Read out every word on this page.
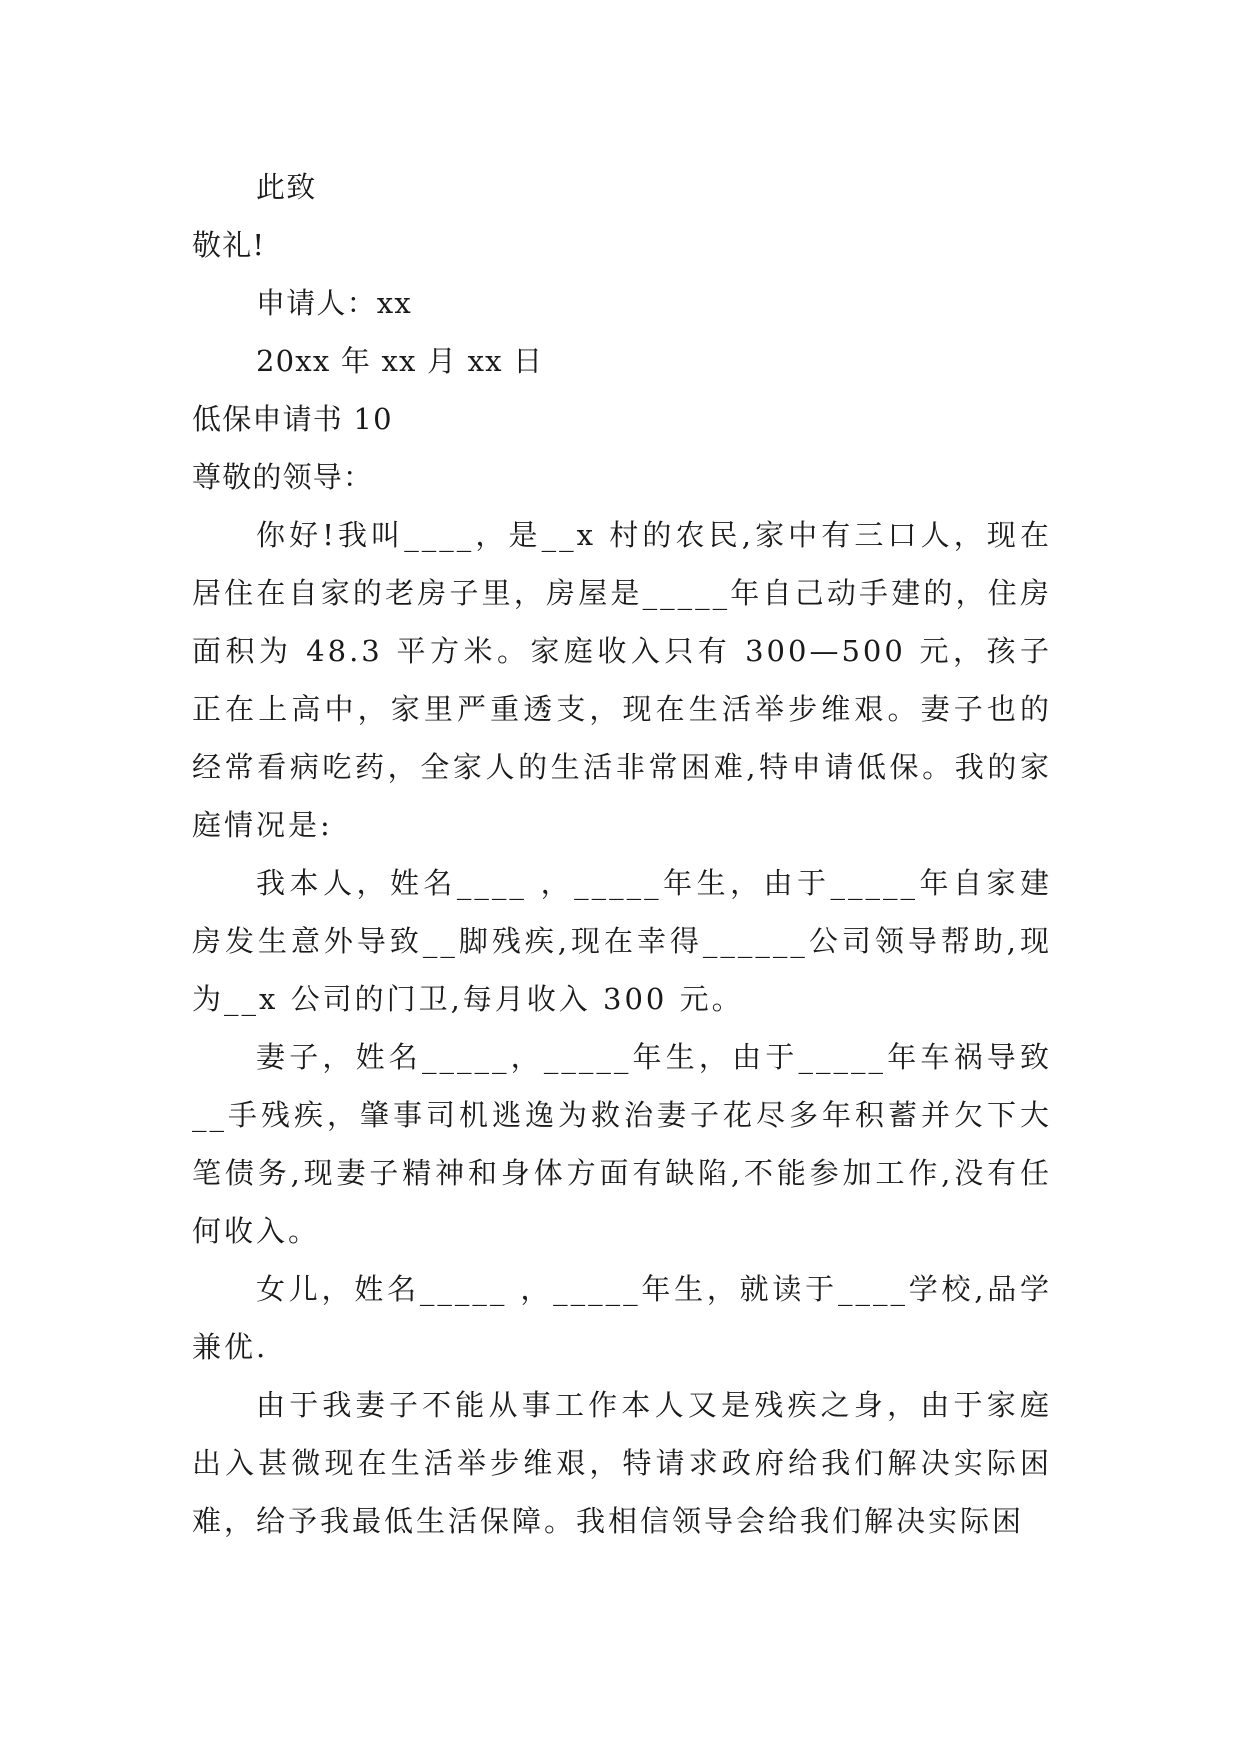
此致
敬礼!
申请人：xx
20xx 年 xx 月 xx 日
低保申请书 10
尊敬的领导：

你好!我叫____，是__x 村的农民,家中有三口人，现在居住在自家的老房子里，房屋是_____年自己动手建的，住房面积为 48.3 平方米。家庭收入只有 300—500 元，孩子正在上高中，家里严重透支，现在生活举步维艰。妻子也的经常看病吃药，全家人的生活非常困难,特申请低保。我的家庭情况是:

我本人，姓名____ ，_____年生，由于_____年自家建房发生意外导致__脚残疾,现在幸得______公司领导帮助,现为__x 公司的门卫,每月收入 300 元。

妻子，姓名_____，_____年生，由于_____年车祸导致__手残疾，肇事司机逃逸为救治妻子花尽多年积蓄并欠下大笔债务,现妻子精神和身体方面有缺陷,不能参加工作,没有任何收入。

女儿，姓名_____ ，_____年生，就读于____学校,品学兼优.

由于我妻子不能从事工作本人又是残疾之身，由于家庭出入甚微现在生活举步维艰，特请求政府给我们解决实际困难，给予我最低生活保障。我相信领导会给我们解决实际困
